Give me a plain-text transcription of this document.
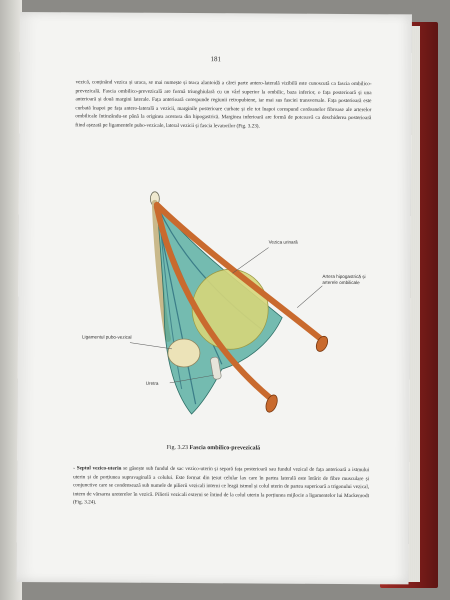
181
vezică, conținând vezica și uraca, se mai numește și teaca alantoidă a cărei parte antero-laterală vizibilă este cunoscută ca fascia ombilico-prevezicală. Fascia ombilico-prevezicală are formă triunghiulară cu un vârf superior la ombilic, baza inferior, o fața posterioară și una anterioară și două margini laterale. Fața anterioară corespunde regiunii retropubiene, iar mai sus fasciei transversale. Fața posterioară este curbată înapoi pe fața antero-laterală a vezicii, marginile posterioare curbate și ele tot înapoi corespund cordoanelor fibroase ale arterelor ombilicale întinzându-se până la originea acestora din hipogastrică. Marginea inferioară are formă de potcoavă ca deschiderea posterioară fiind așezată pe ligamentele pubo-vezicale, lateral vezicii și fascia levatorilor (Fig. 3.23).
Vezica urinară
Artera hipogastrică și arterele ombilicale
Ligamentul pubo-vezical
Uretra
Fig. 3.23 Fascia ombilico-prevezicală
- Septul vezico-uterin se găsește sub fundul de sac vezico-uterin și separă fața posterioară sau fundul vezical de fața anterioară a istmului uterin și de porțiunea supravaginală a colului. Este format din țesut celular lax care în partea laterală este întărit de fibre musculare și conjunctive care se condensează sub numele de pilierii vezicali interni ce leagă istmul și colul uterin de partea superioară a trigonului vezical, intern de vărsarea ureterelor în vezică. Pilierii vezicali externi se întind de la colul uterin la porțiunea mijlocie a ligamentelor lui Mackenrodt (Fig. 3.24).
